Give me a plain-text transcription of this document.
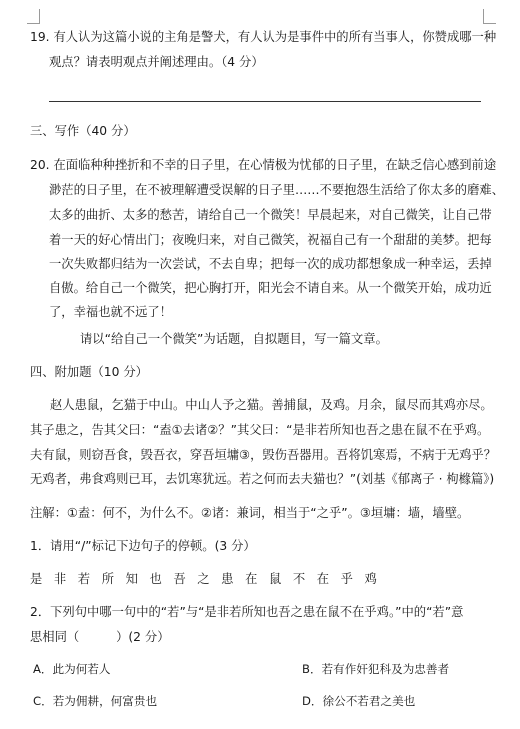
19. 有人认为这篇小说的主角是警犬，有人认为是事件中的所有当事人，你赞成哪一种
观点？请表明观点并阐述理由。（4 分）
三、写作（40 分）
20. 在面临种种挫折和不幸的日子里，在心情极为忧郁的日子里，在缺乏信心感到前途
渺茫的日子里，在不被理解遭受误解的日子里……不要抱怨生活给了你太多的磨难、
太多的曲折、太多的愁苦，请给自己一个微笑！早晨起来，对自己微笑，让自己带
着一天的好心情出门；夜晚归来，对自己微笑，祝福自己有一个甜甜的美梦。把每
一次失败都归结为一次尝试，不去自卑；把每一次的成功都想象成一种幸运，丢掉
自傲。给自己一个微笑，把心胸打开，阳光会不请自来。从一个微笑开始，成功近
了，幸福也就不远了！
请以“给自己一个微笑”为话题，自拟题目，写一篇文章。
四、附加题（10 分）
赵人患鼠，乞猫于中山。中山人予之猫。善捕鼠，及鸡。月余，鼠尽而其鸡亦尽。
其子患之，告其父曰：“盍①去诸②？”其父曰：“是非若所知也吾之患在鼠不在乎鸡。
夫有鼠，则窃吾食，毁吾衣，穿吾垣墉③，毁伤吾器用。吾将饥寒焉，不病于无鸡乎？
无鸡者，弗食鸡则已耳，去饥寒犹远。若之何而去夫猫也？”(刘基《郁离子 · 枸橼篇》)
注解：①盍：何不，为什么不。②诸：兼词，相当于“之乎”。③垣墉：墙，墙壁。
1．请用“/”标记下边句子的停顿。(3 分）
是非若所知也吾之患在鼠不在乎鸡
2．下列句中哪一句中的“若”与“是非若所知也吾之患在鼠不在乎鸡。”中的“若”意
思相同（　　　）(2 分）
A．此为何若人	B．若有作奸犯科及为忠善者
C．若为佣耕，何富贵也	D．徐公不若君之美也
